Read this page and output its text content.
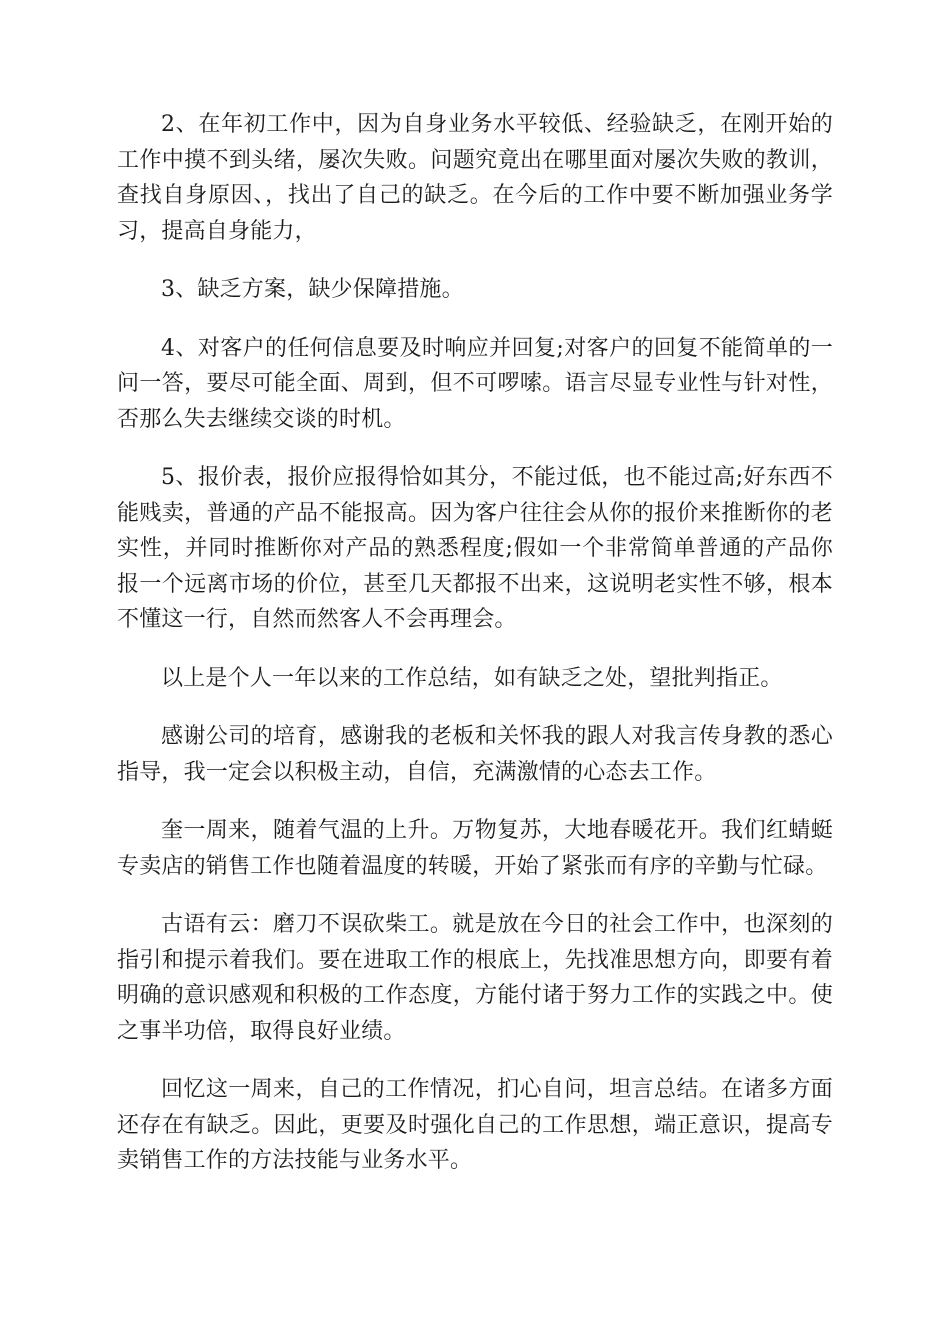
2、在年初工作中，因为自身业务水平较低、经验缺乏，在刚开始的工作中摸不到头绪，屡次失败。问题究竟出在哪里面对屡次失败的教训，查找自身原因、，找出了自己的缺乏。在今后的工作中要不断加强业务学习，提高自身能力，

3、缺乏方案，缺少保障措施。

4、对客户的任何信息要及时响应并回复;对客户的回复不能简单的一问一答，要尽可能全面、周到，但不可啰嗦。语言尽显专业性与针对性，否那么失去继续交谈的时机。

5、报价表，报价应报得恰如其分，不能过低，也不能过高;好东西不能贱卖，普通的产品不能报高。因为客户往往会从你的报价来推断你的老实性，并同时推断你对产品的熟悉程度;假如一个非常简单普通的产品你报一个远离市场的价位，甚至几天都报不出来，这说明老实性不够，根本不懂这一行，自然而然客人不会再理会。

以上是个人一年以来的工作总结，如有缺乏之处，望批判指正。

感谢公司的培育，感谢我的老板和关怀我的跟人对我言传身教的悉心指导，我一定会以积极主动，自信，充满激情的心态去工作。

奎一周来，随着气温的上升。万物复苏，大地春暖花开。我们红蜻蜓专卖店的销售工作也随着温度的转暖，开始了紧张而有序的辛勤与忙碌。

古语有云：磨刀不误砍柴工。就是放在今日的社会工作中，也深刻的指引和提示着我们。要在进取工作的根底上，先找准思想方向，即要有着明确的意识感观和积极的工作态度，方能付诸于努力工作的实践之中。使之事半功倍，取得良好业绩。

回忆这一周来，自己的工作情况，扪心自问，坦言总结。在诸多方面还存在有缺乏。因此，更要及时强化自己的工作思想，端正意识，提高专卖销售工作的方法技能与业务水平。
